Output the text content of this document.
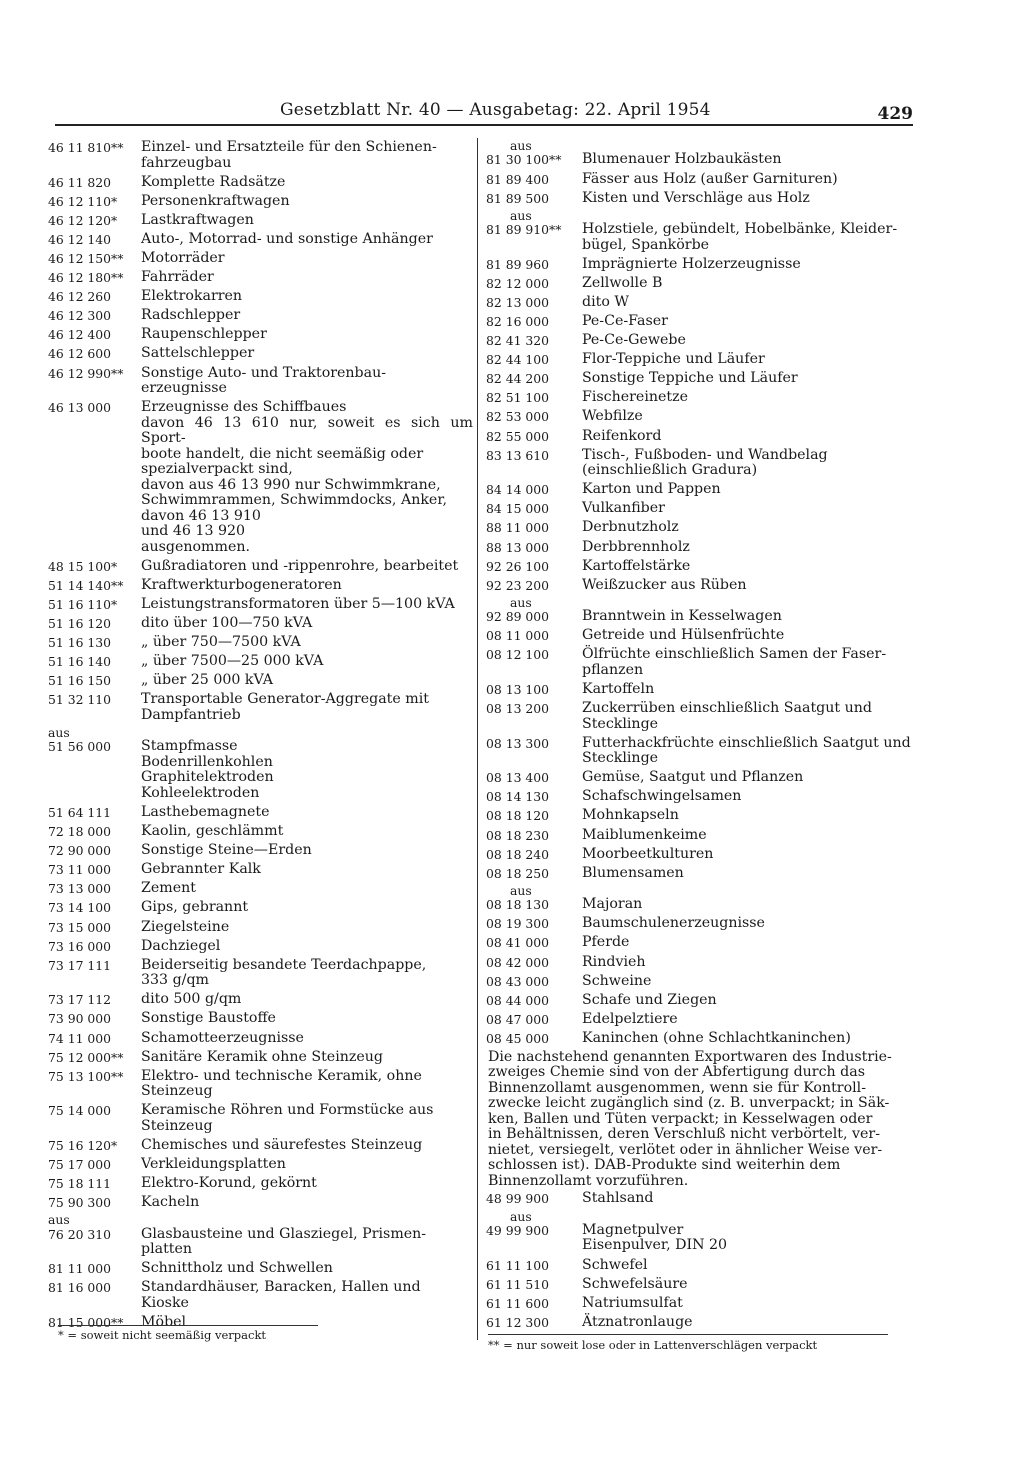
Gesetzblatt Nr. 40 — Ausgabetag: 22. April 1954	429
46 11 810**	Einzel- und Ersatzteile für den Schienen-
fahrzeugbau
46 11 820	Komplette Radsätze
46 12 110*	Personenkraftwagen
46 12 120*	Lastkraftwagen
46 12 140	Auto-, Motorrad- und sonstige Anhänger
46 12 150**	Motorräder
46 12 180**	Fahrräder
46 12 260	Elektrokarren
46 12 300	Radschlepper
46 12 400	Raupenschlepper
46 12 600	Sattelschlepper
46 12 990**	Sonstige Auto- und Traktorenbau-
erzeugnisse
46 13 000	Erzeugnisse des Schiffbaues
davon 46 13 610 nur, soweit es sich um Sport-
boote handelt, die nicht seemäßig oder
spezialverpackt sind,
davon aus 46 13 990 nur Schwimmkrane,
Schwimmrammen, Schwimmdocks, Anker,
davon 46 13 910
und 46 13 920
ausgenommen.
48 15 100*	Gußradiatoren und -rippenrohre, bearbeitet
51 14 140**	Kraftwerkturbogeneratoren
51 16 110*	Leistungstransformatoren über 5—100 kVA
51 16 120	dito über 100—750 kVA
51 16 130	„ über 750—7500 kVA
51 16 140	„ über 7500—25 000 kVA
51 16 150	„ über 25 000 kVA
51 32 110	Transportable Generator-Aggregate mit
Dampfantrieb
aus
51 56 000	Stampfmasse
Bodenrillenkohlen
Graphitelektroden
Kohleelektroden
51 64 111	Lasthebemagnete
72 18 000	Kaolin, geschlämmt
72 90 000	Sonstige Steine—Erden
73 11 000	Gebrannter Kalk
73 13 000	Zement
73 14 100	Gips, gebrannt
73 15 000	Ziegelsteine
73 16 000	Dachziegel
73 17 111	Beiderseitig besandete Teerdachpappe,
333 g/qm
73 17 112	dito 500 g/qm
73 90 000	Sonstige Baustoffe
74 11 000	Schamotteerzeugnisse
75 12 000**	Sanitäre Keramik ohne Steinzeug
75 13 100**	Elektro- und technische Keramik, ohne
Steinzeug
75 14 000	Keramische Röhren und Formstücke aus
Steinzeug
75 16 120*	Chemisches und säurefestes Steinzeug
75 17 000	Verkleidungsplatten
75 18 111	Elektro-Korund, gekörnt
75 90 300	Kacheln
aus
76 20 310	Glasbausteine und Glasziegel, Prismen-
platten
81 11 000	Schnittholz und Schwellen
81 16 000	Standardhäuser, Baracken, Hallen und
Kioske
81 15 000**	Möbel
aus
81 30 100**	Blumenauer Holzbaukästen
81 89 400	Fässer aus Holz (außer Garnituren)
81 89 500	Kisten und Verschläge aus Holz
aus
81 89 910**	Holzstiele, gebündelt, Hobelbänke, Kleider-
bügel, Spankörbe
81 89 960	Imprägnierte Holzerzeugnisse
82 12 000	Zellwolle B
82 13 000	dito W
82 16 000	Pe-Ce-Faser
82 41 320	Pe-Ce-Gewebe
82 44 100	Flor-Teppiche und Läufer
82 44 200	Sonstige Teppiche und Läufer
82 51 100	Fischereinetze
82 53 000	Webfilze
82 55 000	Reifenkord
83 13 610	Tisch-, Fußboden- und Wandbelag
(einschließlich Gradura)
84 14 000	Karton und Pappen
84 15 000	Vulkanfiber
88 11 000	Derbnutzholz
88 13 000	Derbbrennholz
92 26 100	Kartoffelstärke
92 23 200	Weißzucker aus Rüben
aus
92 89 000	Branntwein in Kesselwagen
08 11 000	Getreide und Hülsenfrüchte
08 12 100	Ölfrüchte einschließlich Samen der Faser-
pflanzen
08 13 100	Kartoffeln
08 13 200	Zuckerrüben einschließlich Saatgut und
Stecklinge
08 13 300	Futterhackfrüchte einschließlich Saatgut und
Stecklinge
08 13 400	Gemüse, Saatgut und Pflanzen
08 14 130	Schafschwingelsamen
08 18 120	Mohnkapseln
08 18 230	Maiblumenkeime
08 18 240	Moorbeetkulturen
08 18 250	Blumensamen
aus
08 18 130	Majoran
08 19 300	Baumschulenerzeugnisse
08 41 000	Pferde
08 42 000	Rindvieh
08 43 000	Schweine
08 44 000	Schafe und Ziegen
08 47 000	Edelpelztiere
08 45 000	Kaninchen (ohne Schlachtkaninchen)
Die nachstehend genannten Exportwaren des Industrie-
zweiges Chemie sind von der Abfertigung durch das
Binnenzollamt ausgenommen, wenn sie für Kontroll-
zwecke leicht zugänglich sind (z. B. unverpackt; in Säk-
ken, Ballen und Tüten verpackt; in Kesselwagen oder
in Behältnissen, deren Verschluß nicht verbörtelt, ver-
nietet, versiegelt, verlötet oder in ähnlicher Weise ver-
schlossen ist). DAB-Produkte sind weiterhin dem
Binnenzollamt vorzuführen.
48 99 900	Stahlsand
aus
49 99 900	Magnetpulver
Eisenpulver, DIN 20
61 11 100	Schwefel
61 11 510	Schwefelsäure
61 11 600	Natriumsulfat
61 12 300	Ätznatronlauge
* = soweit nicht seemäßig verpackt
** = nur soweit lose oder in Lattenverschlägen verpackt
